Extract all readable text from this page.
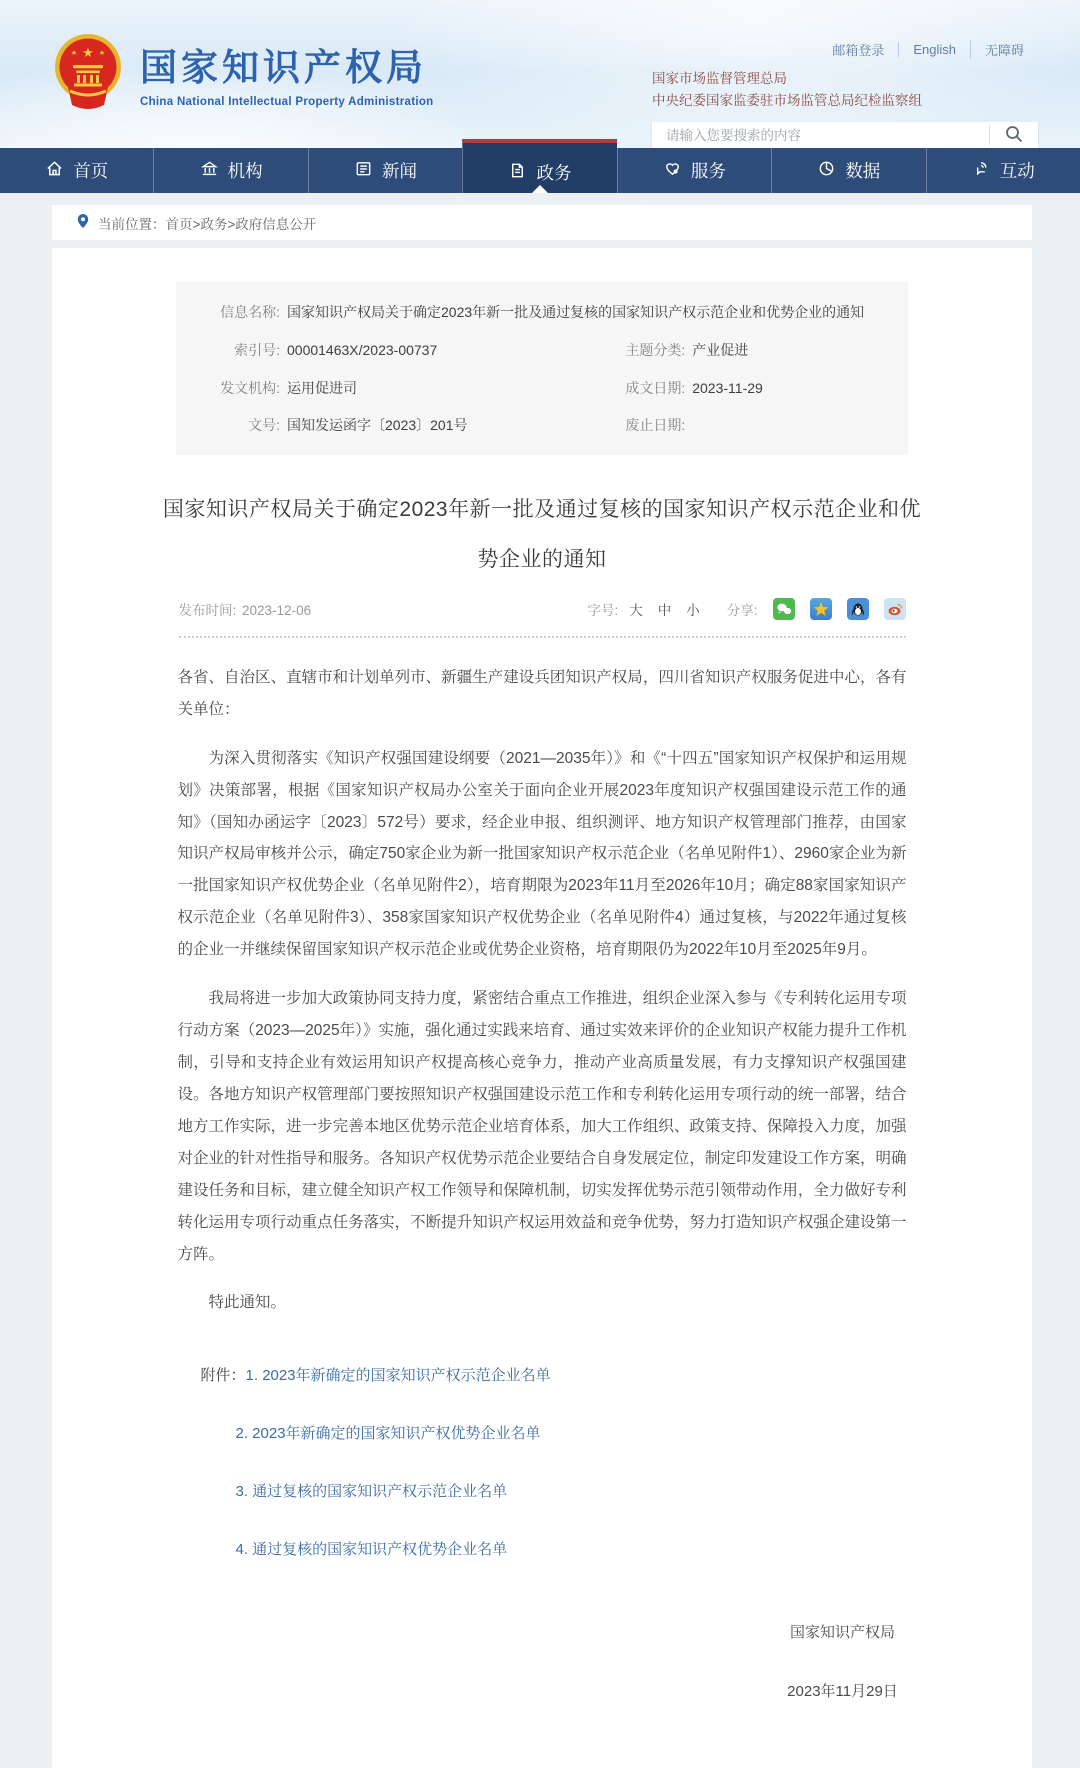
★
★	★ 国家知识产权局
China National Intellectual Property Administration
邮箱登录	English	无障碍
国家市场监督管理总局
中央纪委国家监委驻市场监管总局纪检监察组
请输入您要搜索的内容
首页	机构	新闻	政务	服务	数据	互动
当前位置： 首页>政务>政府信息公开
信息名称: 国家知识产权局关于确定2023年新一批及通过复核的国家知识产权示范企业和优势企业的通知
索引号: 00001463X/2023-00737	主题分类: 产业促进
发文机构: 运用促进司	成文日期: 2023-11-29
文号: 国知发运函字〔2023〕201号	废止日期:
国家知识产权局关于确定2023年新一批及通过复核的国家知识产权示范企业和优势企业的通知
发布时间: 2023-12-06	字号: 大 中 小 分享:

各省、自治区、直辖市和计划单列市、新疆生产建设兵团知识产权局，四川省知识产权服务促进中心，各有关单位：

为深入贯彻落实《知识产权强国建设纲要（2021—2035年）》和《“十四五”国家知识产权保护和运用规划》决策部署，根据《国家知识产权局办公室关于面向企业开展2023年度知识产权强国建设示范工作的通知》（国知办函运字〔2023〕572号）要求，经企业申报、组织测评、地方知识产权管理部门推荐，由国家知识产权局审核并公示，确定750家企业为新一批国家知识产权示范企业（名单见附件1）、2960家企业为新一批国家知识产权优势企业（名单见附件2），培育期限为2023年11月至2026年10月；确定88家国家知识产权示范企业（名单见附件3）、358家国家知识产权优势企业（名单见附件4）通过复核，与2022年通过复核的企业一并继续保留国家知识产权示范企业或优势企业资格，培育期限仍为2022年10月至2025年9月。

我局将进一步加大政策协同支持力度，紧密结合重点工作推进，组织企业深入参与《专利转化运用专项行动方案（2023—2025年）》实施，强化通过实践来培育、通过实效来评价的企业知识产权能力提升工作机制，引导和支持企业有效运用知识产权提高核心竞争力，推动产业高质量发展，有力支撑知识产权强国建设。各地方知识产权管理部门要按照知识产权强国建设示范工作和专利转化运用专项行动的统一部署，结合地方工作实际，进一步完善本地区优势示范企业培育体系，加大工作组织、政策支持、保障投入力度，加强对企业的针对性指导和服务。各知识产权优势示范企业要结合自身发展定位，制定印发建设工作方案，明确建设任务和目标，建立健全知识产权工作领导和保障机制，切实发挥优势示范引领带动作用，全力做好专利转化运用专项行动重点任务落实，不断提升知识产权运用效益和竞争优势，努力打造知识产权强企建设第一方阵。

特此通知。

附件： 1. 2023年新确定的国家知识产权示范企业名单
2. 2023年新确定的国家知识产权优势企业名单
3. 通过复核的国家知识产权示范企业名单
4. 通过复核的国家知识产权优势企业名单
国家知识产权局
2023年11月29日
